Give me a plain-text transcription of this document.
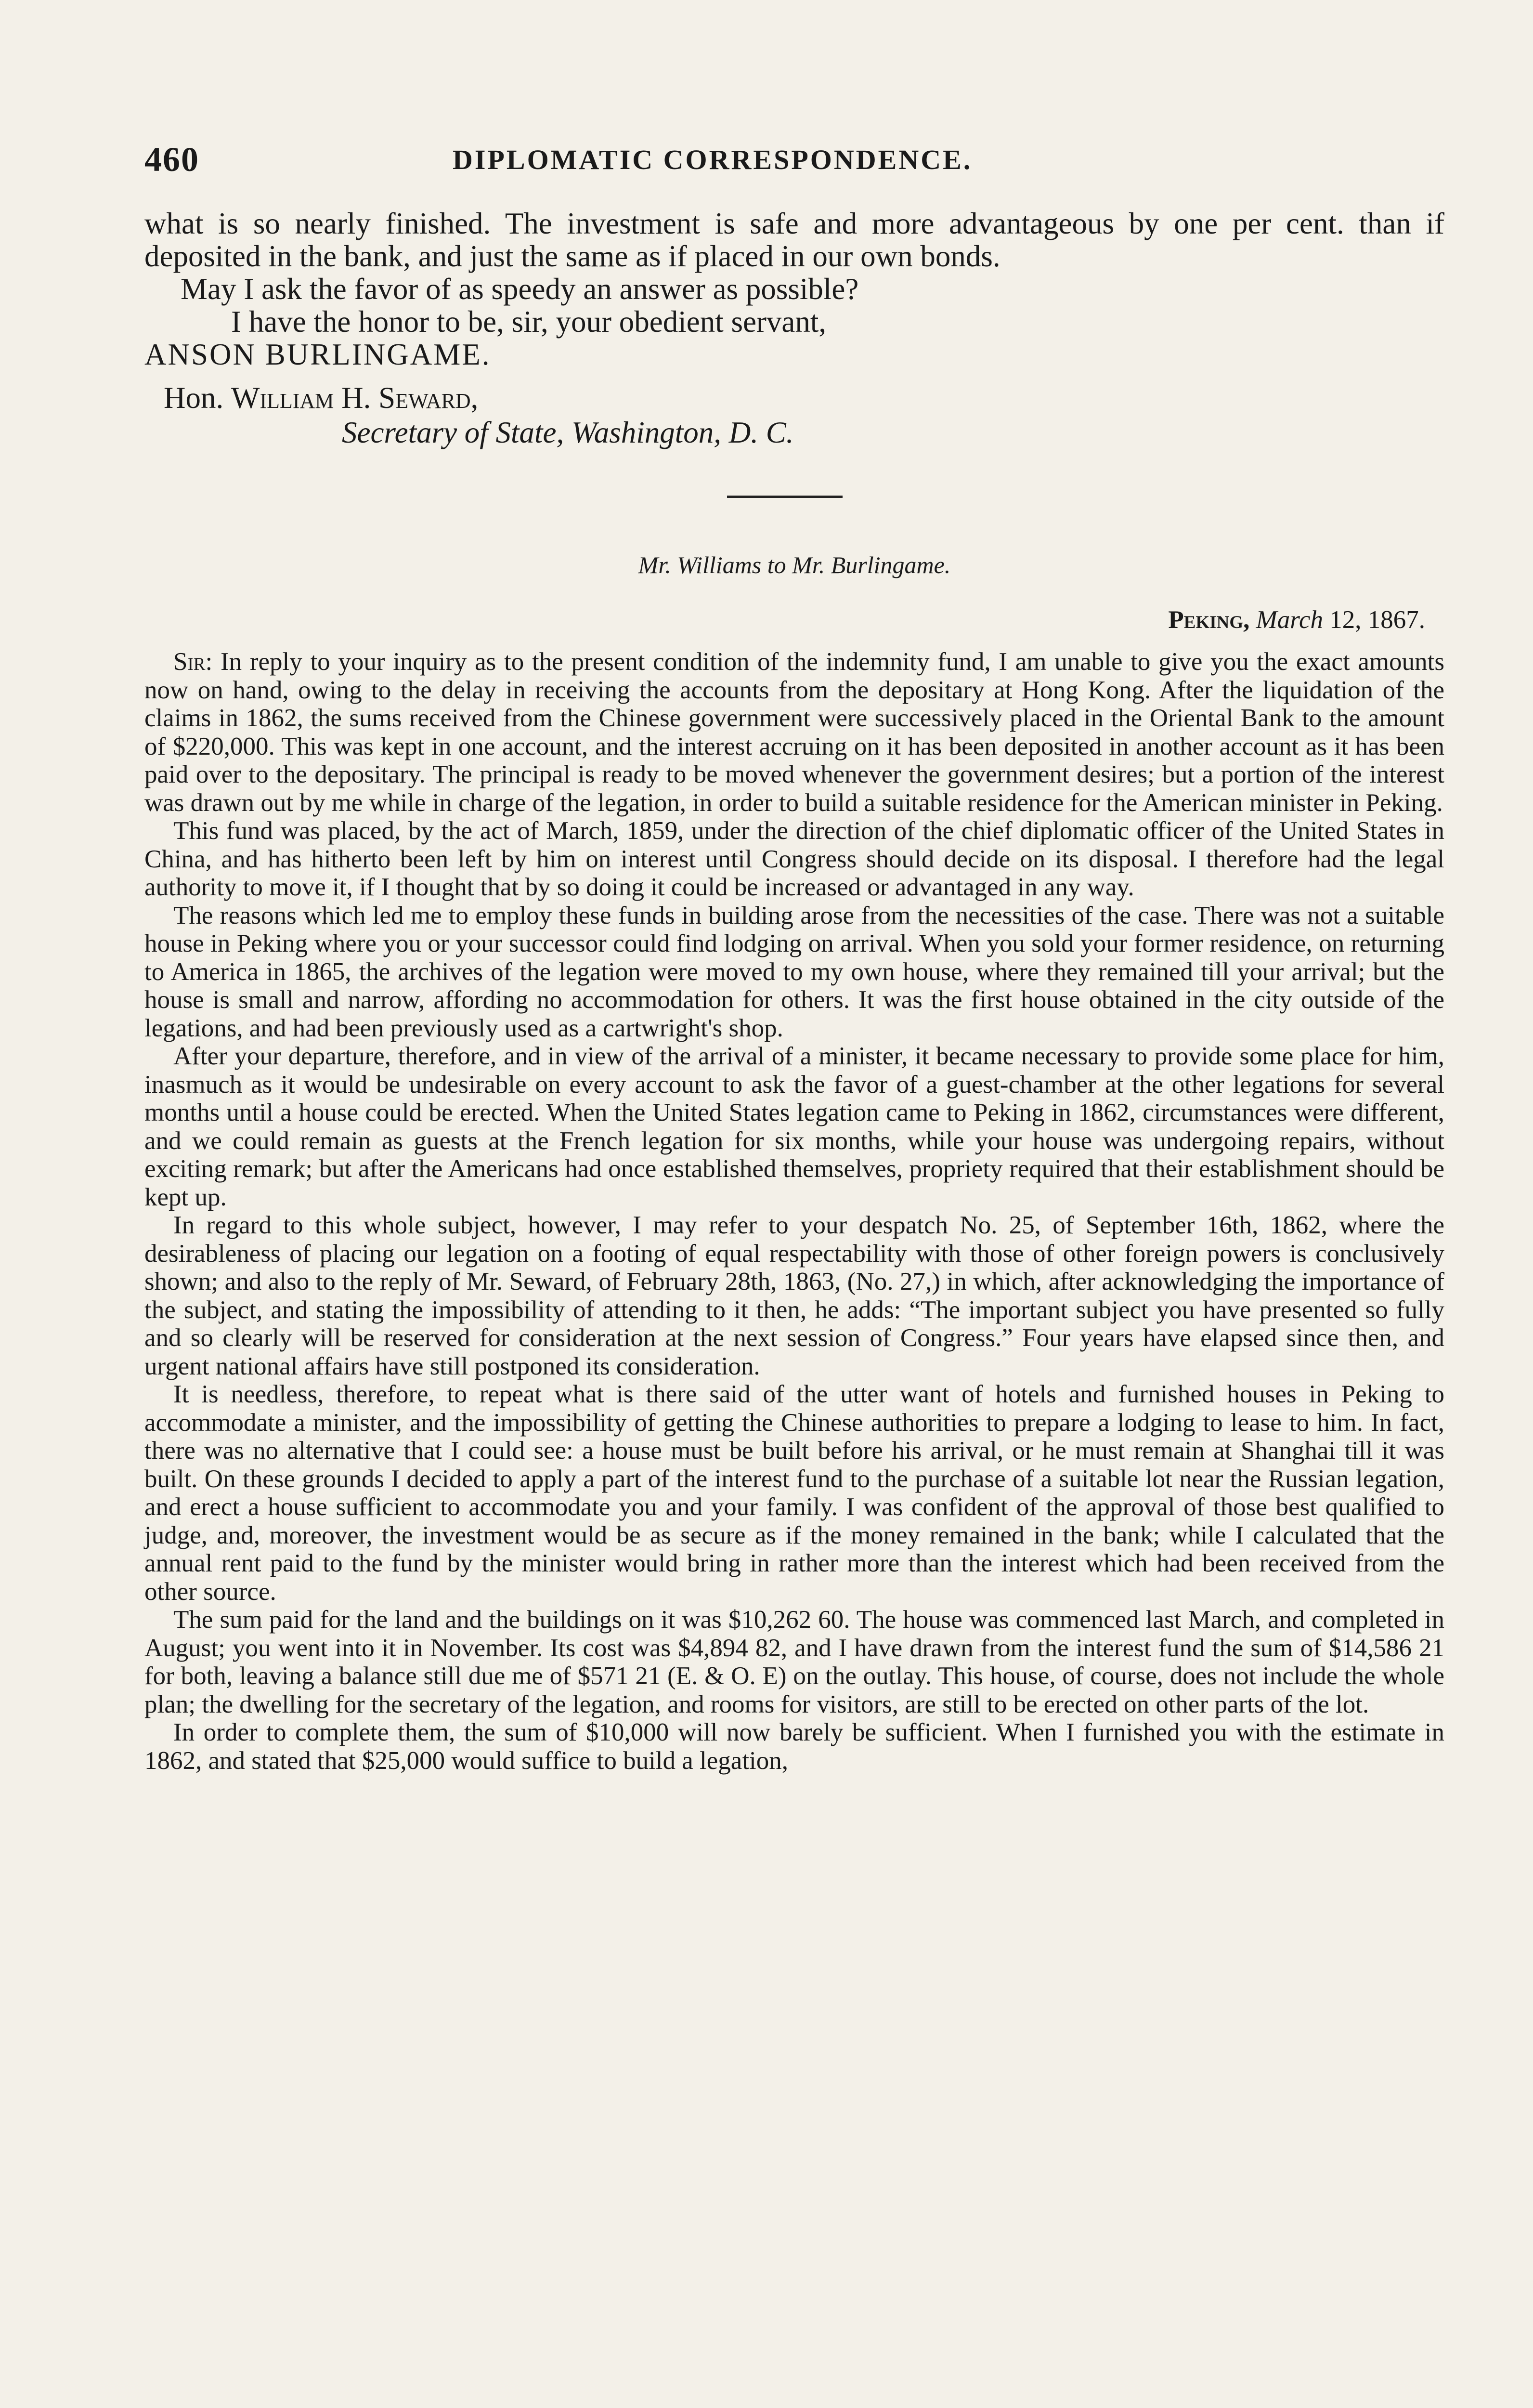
460	DIPLOMATIC CORRESPONDENCE.

what is so nearly finished. The investment is safe and more advantageous by one per cent. than if deposited in the bank, and just the same as if placed in our own bonds.

May I ask the favor of as speedy an answer as possible?

I have the honor to be, sir, your obedient servant,

ANSON BURLINGAME.

Hon. William H. Seward,
Secretary of State, Washington, D. C.
Mr. Williams to Mr. Burlingame.
Peking, March 12, 1867.

Sir: In reply to your inquiry as to the present condition of the indemnity fund, I am unable to give you the exact amounts now on hand, owing to the delay in receiving the accounts from the depositary at Hong Kong. After the liquidation of the claims in 1862, the sums received from the Chinese government were successively placed in the Oriental Bank to the amount of $220,000. This was kept in one account, and the interest accruing on it has been deposited in another account as it has been paid over to the depositary. The principal is ready to be moved whenever the government desires; but a portion of the interest was drawn out by me while in charge of the legation, in order to build a suitable residence for the American minister in Peking.

This fund was placed, by the act of March, 1859, under the direction of the chief diplomatic officer of the United States in China, and has hitherto been left by him on interest until Congress should decide on its disposal. I therefore had the legal authority to move it, if I thought that by so doing it could be increased or advantaged in any way.

The reasons which led me to employ these funds in building arose from the necessities of the case. There was not a suitable house in Peking where you or your successor could find lodging on arrival. When you sold your former residence, on returning to America in 1865, the archives of the legation were moved to my own house, where they remained till your arrival; but the house is small and narrow, affording no accommodation for others. It was the first house obtained in the city outside of the legations, and had been previously used as a cartwright's shop.

After your departure, therefore, and in view of the arrival of a minister, it became necessary to provide some place for him, inasmuch as it would be undesirable on every account to ask the favor of a guest-chamber at the other legations for several months until a house could be erected. When the United States legation came to Peking in 1862, circumstances were different, and we could remain as guests at the French legation for six months, while your house was undergoing repairs, without exciting remark; but after the Americans had once established themselves, propriety required that their establishment should be kept up.

In regard to this whole subject, however, I may refer to your despatch No. 25, of September 16th, 1862, where the desirableness of placing our legation on a footing of equal respectability with those of other foreign powers is conclusively shown; and also to the reply of Mr. Seward, of February 28th, 1863, (No. 27,) in which, after acknowledging the importance of the subject, and stating the impossibility of attending to it then, he adds: “The important subject you have presented so fully and so clearly will be reserved for consideration at the next session of Congress.” Four years have elapsed since then, and urgent national affairs have still postponed its consideration.

It is needless, therefore, to repeat what is there said of the utter want of hotels and furnished houses in Peking to accommodate a minister, and the impossibility of getting the Chinese authorities to prepare a lodging to lease to him. In fact, there was no alternative that I could see: a house must be built before his arrival, or he must remain at Shanghai till it was built. On these grounds I decided to apply a part of the interest fund to the purchase of a suitable lot near the Russian legation, and erect a house sufficient to accommodate you and your family. I was confident of the approval of those best qualified to judge, and, moreover, the investment would be as secure as if the money remained in the bank; while I calculated that the annual rent paid to the fund by the minister would bring in rather more than the interest which had been received from the other source.

The sum paid for the land and the buildings on it was $10,262 60. The house was commenced last March, and completed in August; you went into it in November. Its cost was $4,894 82, and I have drawn from the interest fund the sum of $14,586 21 for both, leaving a balance still due me of $571 21 (E. & O. E) on the outlay. This house, of course, does not include the whole plan; the dwelling for the secretary of the legation, and rooms for visitors, are still to be erected on other parts of the lot.

In order to complete them, the sum of $10,000 will now barely be sufficient. When I furnished you with the estimate in 1862, and stated that $25,000 would suffice to build a legation,
